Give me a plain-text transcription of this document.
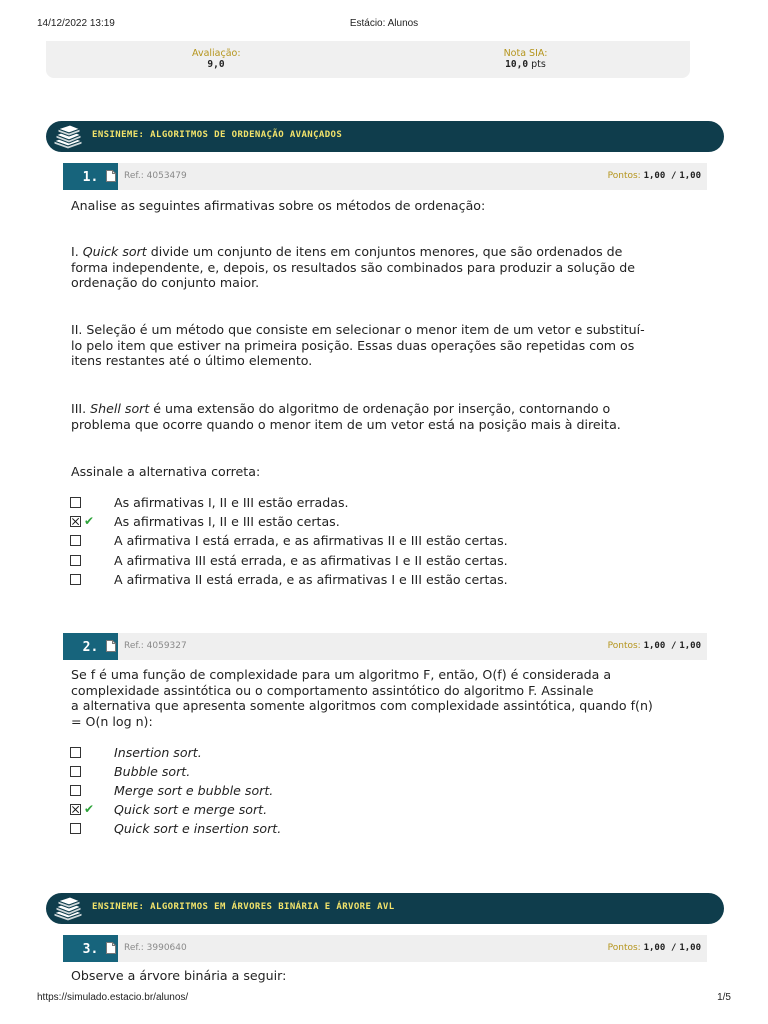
14/12/2022 13:19	Estácio: Alunos
https://simulado.estacio.br/alunos/	1/5
Avaliação:
9,0
Nota SIA:
10,0 pts
ENSINEME: ALGORITMOS DE ORDENAÇÃO AVANÇADOS
1.	Ref.: 4053479	Pontos: 1,00 / 1,00
Analise as seguintes afirmativas sobre os métodos de ordenação:
I. Quick sort divide um conjunto de itens em conjuntos menores, que são ordenados de
forma independente, e, depois, os resultados são combinados para produzir a solução de
ordenação do conjunto maior.
II. Seleção é um método que consiste em selecionar o menor item de um vetor e substituí-
lo pelo item que estiver na primeira posição. Essas duas operações são repetidas com os
itens restantes até o último elemento.
III. Shell sort é uma extensão do algoritmo de ordenação por inserção, contornando o
problema que ocorre quando o menor item de um vetor está na posição mais à direita.
Assinale a alternativa correta:
As afirmativas I, II e III estão erradas.
✔ As afirmativas I, II e III estão certas.
A afirmativa I está errada, e as afirmativas II e III estão certas.
A afirmativa III está errada, e as afirmativas I e II estão certas.
A afirmativa II está errada, e as afirmativas I e III estão certas.
2.	Ref.: 4059327	Pontos: 1,00 / 1,00
Se f é uma função de complexidade para um algoritmo F, então, O(f) é considerada a
complexidade assintótica ou o comportamento assintótico do algoritmo F. Assinale
a alternativa que apresenta somente algoritmos com complexidade assintótica, quando f(n)
= O(n log n):
Insertion sort.
Bubble sort.
Merge sort e bubble sort.
✔ Quick sort e merge sort.
Quick sort e insertion sort.
ENSINEME: ALGORITMOS EM ÁRVORES BINÁRIA E ÁRVORE AVL
3.	Ref.: 3990640	Pontos: 1,00 / 1,00
Observe a árvore binária a seguir:
